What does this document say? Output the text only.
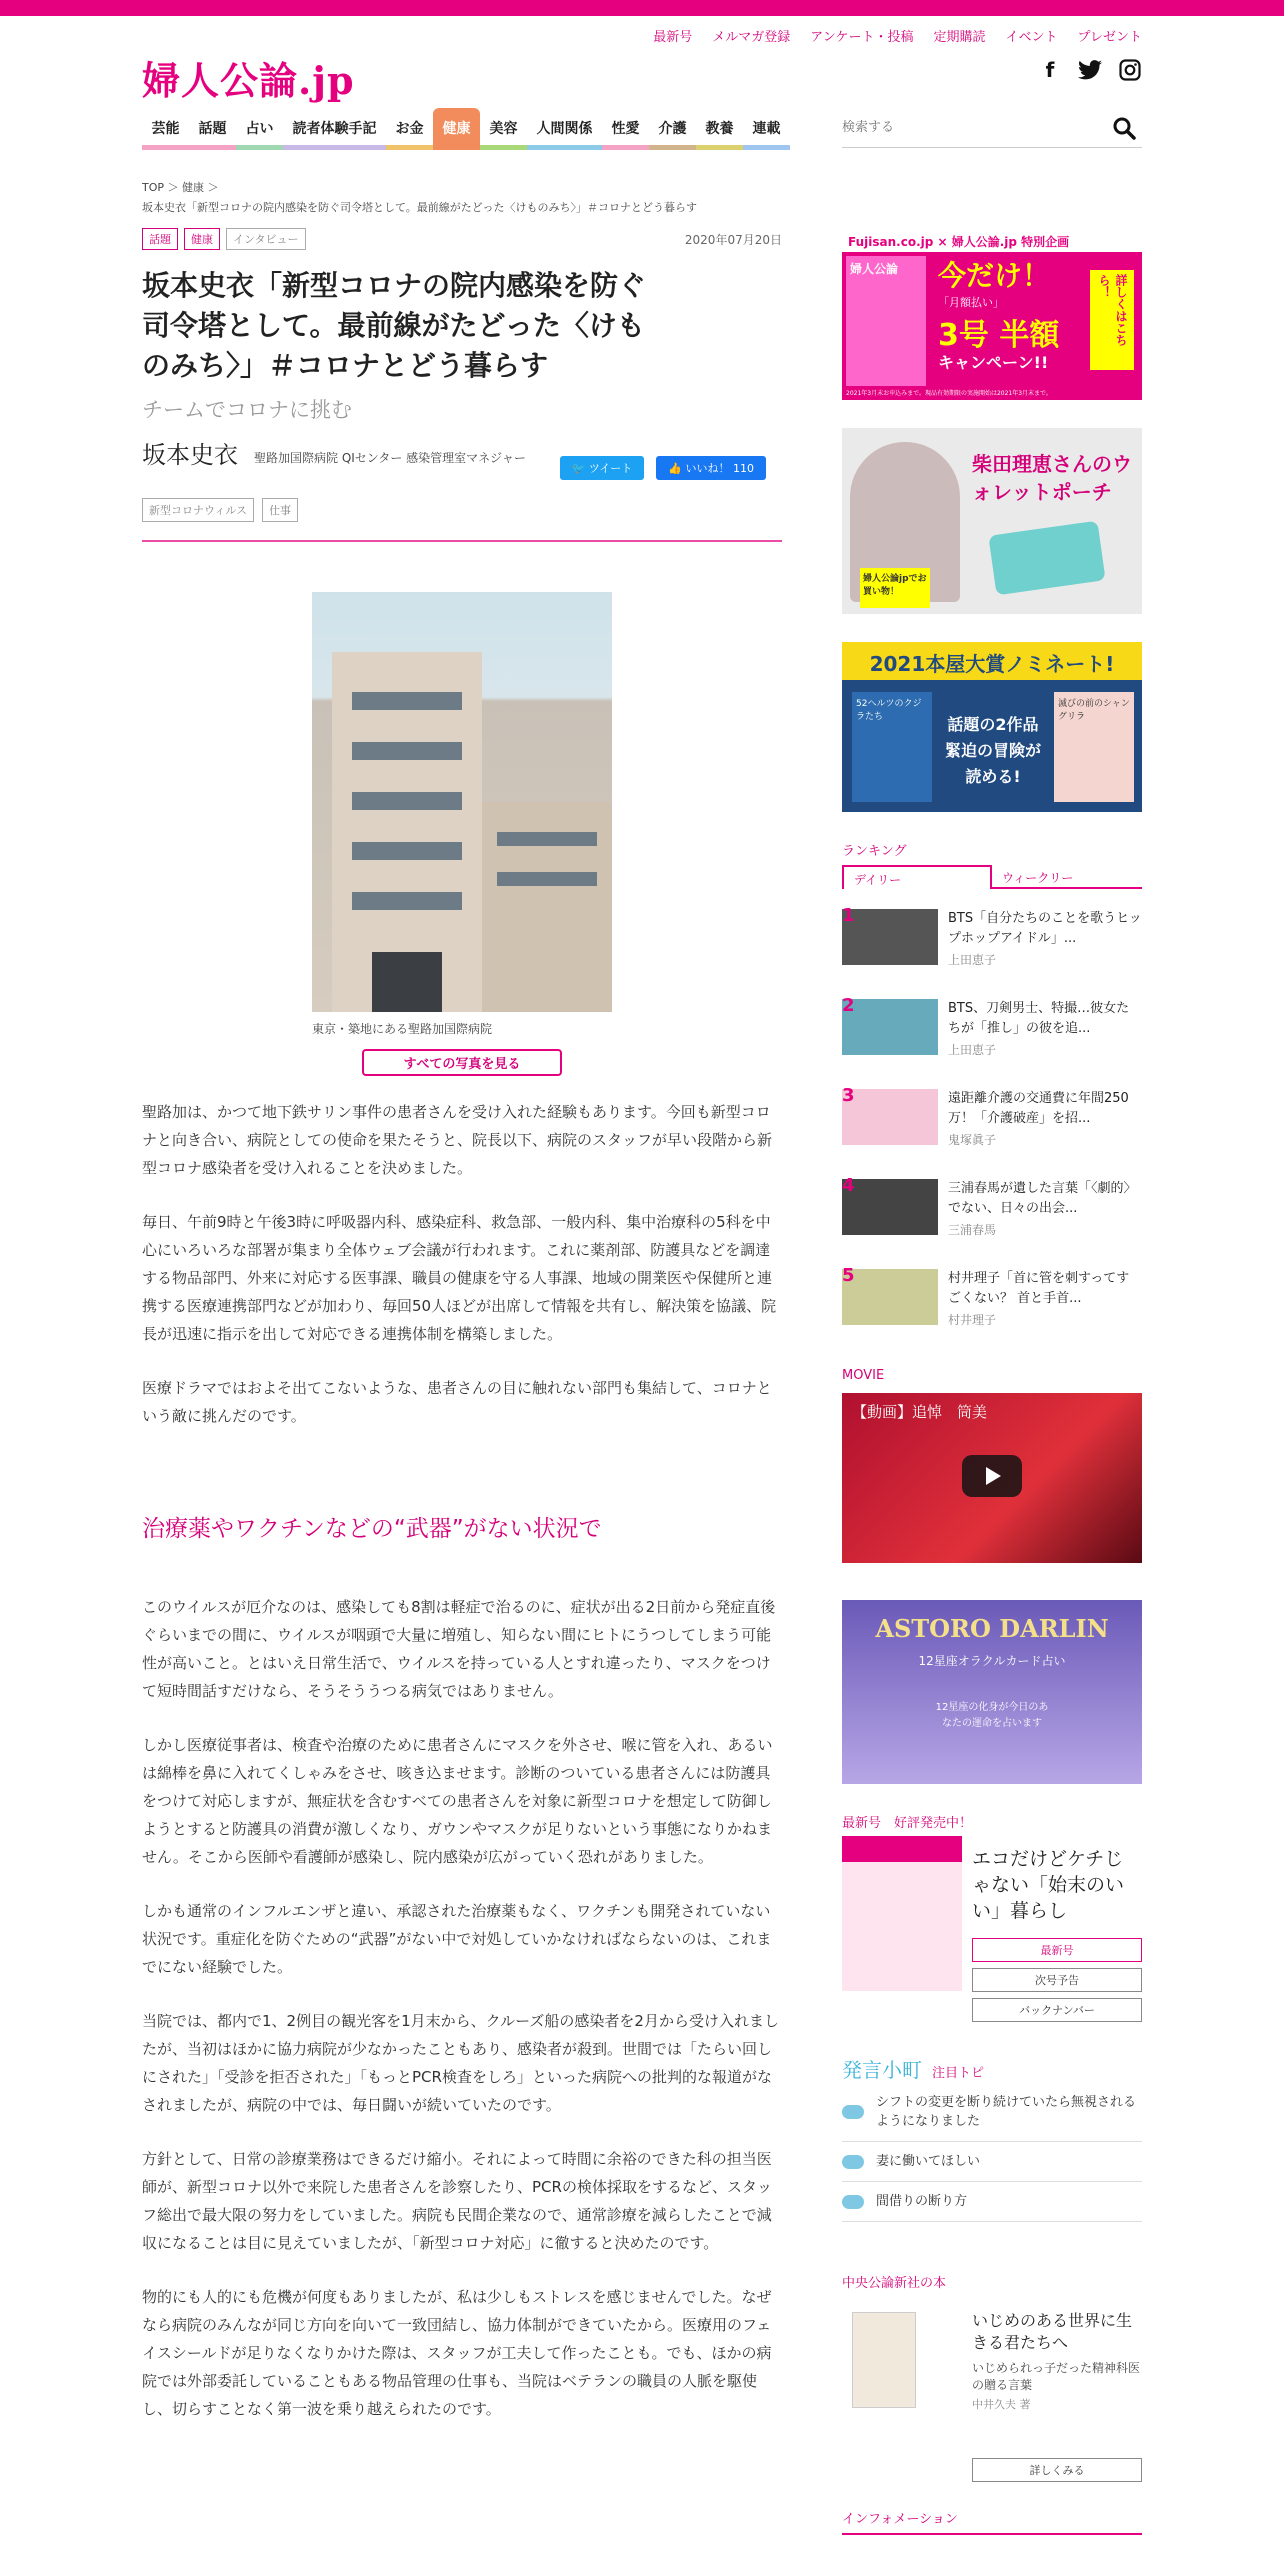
最新号 メルマガ登録 アンケート・投稿 定期購読 イベント プレゼント
婦人公論.jp	f
芸能	話題	占い	読者体験手記	お金	健康	美容	人間関係	性愛	介護	教養	連載
検索する
TOP ＞ 健康 ＞
坂本史衣「新型コロナの院内感染を防ぐ司令塔として。最前線がたどった〈けものみち〉」＃コロナとどう暮らす
話題	健康	インタビュー	2020年07月20日
坂本史衣「新型コロナの院内感染を防ぐ司令塔として。最前線がたどった〈けものみち〉」＃コロナとどう暮らす
チームでコロナに挑む
坂本史衣 聖路加国際病院 QIセンター 感染管理室マネジャー
🐦 ツイート	👍 いいね！ 110
新型コロナウィルス	仕事
東京・築地にある聖路加国際病院
すべての写真を見る

聖路加は、かつて地下鉄サリン事件の患者さんを受け入れた経験もあります。今回も新型コロナと向き合い、病院としての使命を果たそうと、院長以下、病院のスタッフが早い段階から新型コロナ感染者を受け入れることを決めました。

毎日、午前9時と午後3時に呼吸器内科、感染症科、救急部、一般内科、集中治療科の5科を中心にいろいろな部署が集まり全体ウェブ会議が行われます。これに薬剤部、防護具などを調達する物品部門、外来に対応する医事課、職員の健康を守る人事課、地域の開業医や保健所と連携する医療連携部門などが加わり、毎回50人ほどが出席して情報を共有し、解決策を協議、院長が迅速に指示を出して対応できる連携体制を構築しました。

医療ドラマではおよそ出てこないような、患者さんの目に触れない部門も集結して、コロナという敵に挑んだのです。

治療薬やワクチンなどの“武器”がない状況で

このウイルスが厄介なのは、感染しても8割は軽症で治るのに、症状が出る2日前から発症直後ぐらいまでの間に、ウイルスが咽頭で大量に増殖し、知らない間にヒトにうつしてしまう可能性が高いこと。とはいえ日常生活で、ウイルスを持っている人とすれ違ったり、マスクをつけて短時間話すだけなら、そうそううつる病気ではありません。

しかし医療従事者は、検査や治療のために患者さんにマスクを外させ、喉に管を入れ、あるいは綿棒を鼻に入れてくしゃみをさせ、咳き込ませます。診断のついている患者さんには防護具をつけて対応しますが、無症状を含むすべての患者さんを対象に新型コロナを想定して防御しようとすると防護具の消費が激しくなり、ガウンやマスクが足りないという事態になりかねません。そこから医師や看護師が感染し、院内感染が広がっていく恐れがありました。

しかも通常のインフルエンザと違い、承認された治療薬もなく、ワクチンも開発されていない状況です。重症化を防ぐための“武器”がない中で対処していかなければならないのは、これまでにない経験でした。

当院では、都内で1、2例目の観光客を1月末から、クルーズ船の感染者を2月から受け入れましたが、当初はほかに協力病院が少なかったこともあり、感染者が殺到。世間では「たらい回しにされた」「受診を拒否された」「もっとPCR検査をしろ」といった病院への批判的な報道がなされましたが、病院の中では、毎日闘いが続いていたのです。

方針として、日常の診療業務はできるだけ縮小。それによって時間に余裕のできた科の担当医師が、新型コロナ以外で来院した患者さんを診察したり、PCRの検体採取をするなど、スタッフ総出で最大限の努力をしていました。病院も民間企業なので、通常診療を減らしたことで減収になることは目に見えていましたが、「新型コロナ対応」に徹すると決めたのです。

物的にも人的にも危機が何度もありましたが、私は少しもストレスを感じませんでした。なぜなら病院のみんなが同じ方向を向いて一致団結し、協力体制ができていたから。医療用のフェイスシールドが足りなくなりかけた際は、スタッフが工夫して作ったことも。でも、ほかの病院では外部委託していることもある物品管理の仕事も、当院はベテランの職員の人脈を駆使し、切らすことなく第一波を乗り越えられたのです。

Fujisan.co.jp × 婦人公論.jp 特別企画
婦人公論	今だけ！
「月額払い」
3号 半額
キャンペーン!!
詳しくはこちら！
2021年3月末お申込みまで。現品有効期限の実施開始は2021年3月末まで。
柴田理恵さんのウォレットポーチ
婦人公論jpでお買い物！
2021本屋大賞ノミネート!
52ヘルツのクジラたち	話題の2作品 緊迫の冒険が 読める!
滅びの前のシャングリラ
ランキング
デイリー	ウィークリー
1	BTS「自分たちのことを歌うヒップホップアイドル」...
上田恵子
2	BTS、刀剣男士、特撮…彼女たちが「推し」の彼を追...
上田恵子
3	遠距離介護の交通費に年間250万！「介護破産」を招...
鬼塚眞子
4	三浦春馬が遺した言葉「〈劇的〉でない、日々の出会...
三浦春馬
5	村井理子「首に管を刺すってすごくない？ 首と手首...
村井理子
MOVIE
【動画】追悼　筒美
ASTORO DARLIN
12星座オラクルカード占い
12星座の化身が今日のあなたの運命を占います
最新号　好評発売中！
エコだけどケチじゃない「始末のいい」暮らし
最新号
次号予告
バックナンバー
発言小町 注目トピ
シフトの変更を断り続けていたら無視されるようになりました
妻に働いてほしい
間借りの断り方
中央公論新社の本
いじめのある世界に生きる君たちへ
いじめられっ子だった精神科医の贈る言葉
中井久夫 著
詳しくみる
インフォメーション
